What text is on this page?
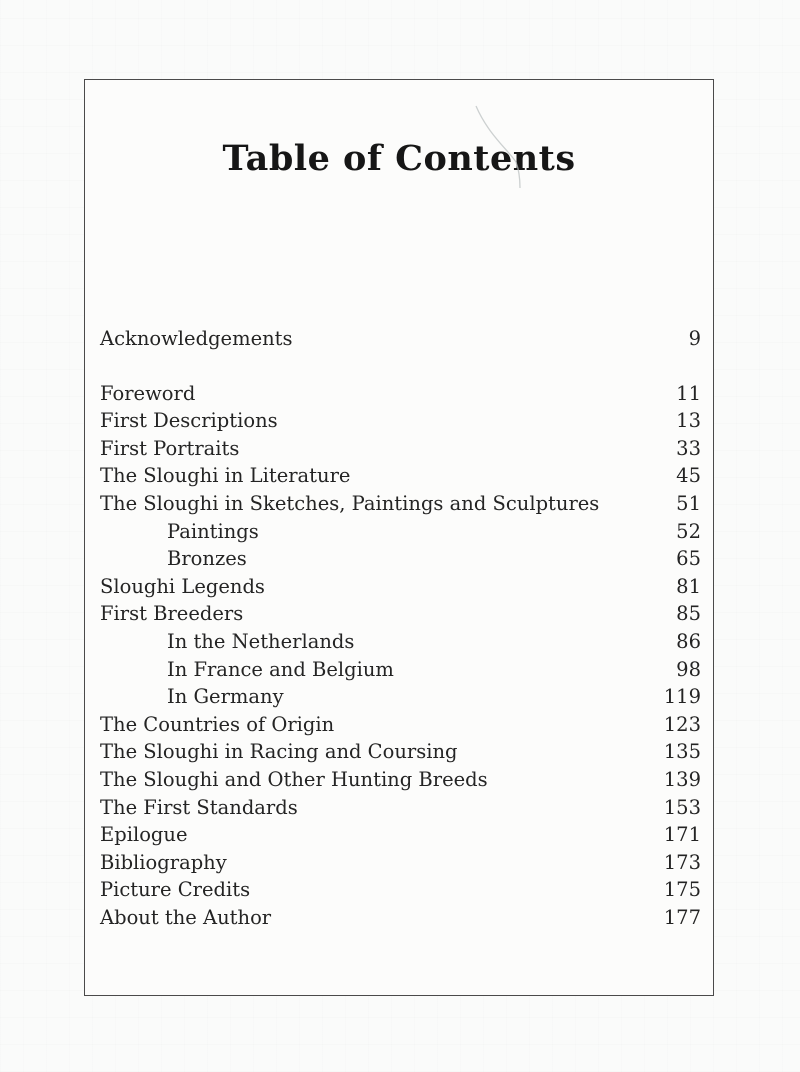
Table of Contents
Acknowledgements	9
Foreword	11
First Descriptions	13
First Portraits	33
The Sloughi in Literature	45
The Sloughi in Sketches, Paintings and Sculptures	51
Paintings	52
Bronzes	65
Sloughi Legends	81
First Breeders	85
In the Netherlands	86
In France and Belgium	98
In Germany	119
The Countries of Origin	123
The Sloughi in Racing and Coursing	135
The Sloughi and Other Hunting Breeds	139
The First Standards	153
Epilogue	171
Bibliography	173
Picture Credits	175
About the Author	177
